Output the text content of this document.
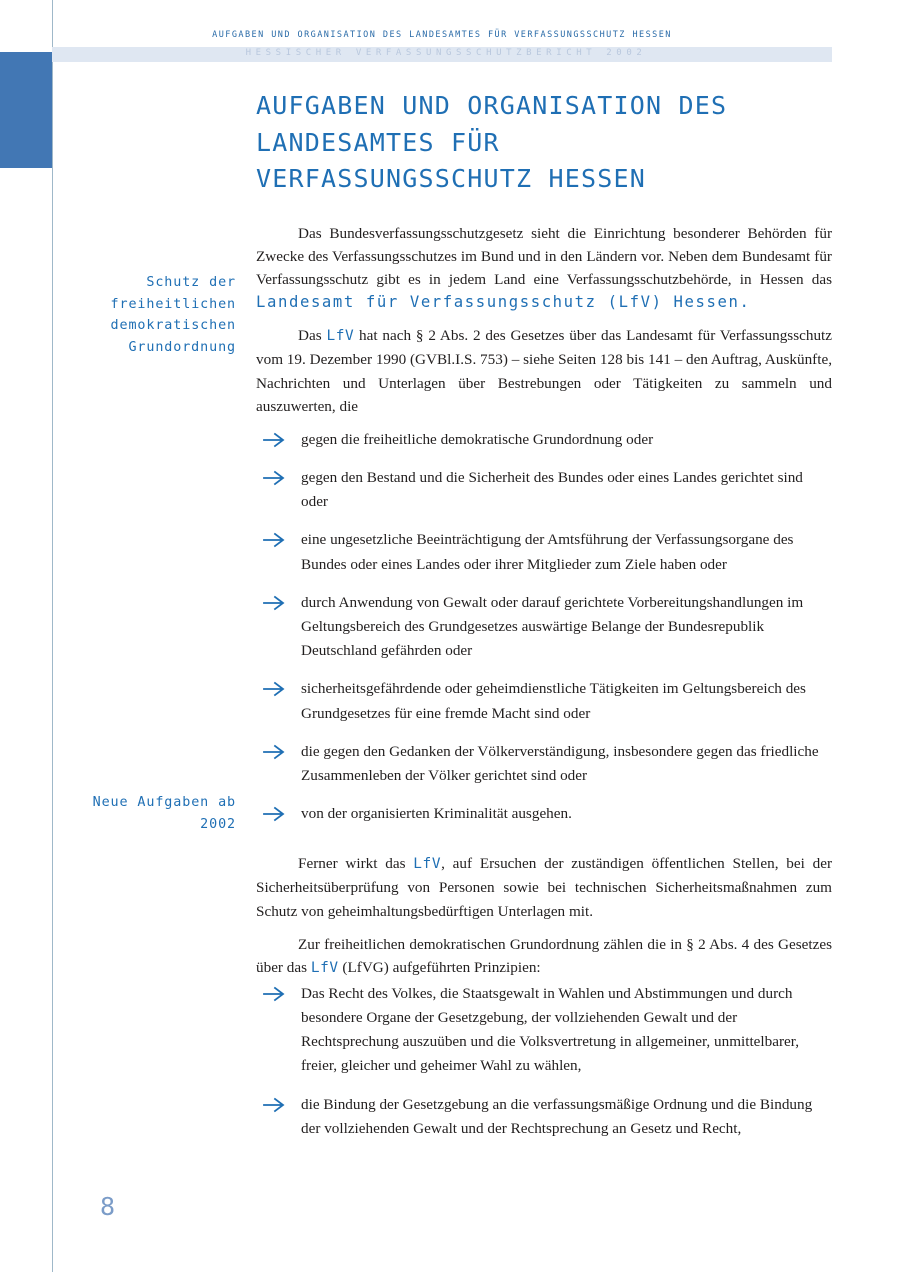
AUFGABEN UND ORGANISATION DES LANDESAMTES FÜR VERFASSUNGSSCHUTZ HESSEN
HESSISCHER VERFASSUNGSSCHUTZBERICHT 2002
AUFGABEN UND ORGANISATION DES
LANDESAMTES FÜR
VERFASSUNGSSCHUTZ HESSEN
Schutz der freiheitlichen demokratischen Grundordnung
Neue Aufgaben ab 2002

Das Bundesverfassungsschutzgesetz sieht die Einrichtung besonderer Behörden für Zwecke des Verfassungsschutzes im Bund und in den Ländern vor. Neben dem Bundesamt für Verfassungsschutz gibt es in jedem Land eine Verfassungsschutzbehörde, in Hessen das Landesamt für Verfassungsschutz (LfV) Hessen.

Das LfV hat nach § 2 Abs. 2 des Gesetzes über das Landesamt für Verfassungsschutz vom 19. Dezember 1990 (GVBl.I.S. 753) – siehe Seiten 128 bis 141 – den Auftrag, Auskünfte, Nachrichten und Unterlagen über Bestrebungen oder Tätigkeiten zu sammeln und auszuwerten, die

gegen die freiheitliche demokratische Grundordnung oder
gegen den Bestand und die Sicherheit des Bundes oder eines Landes gerichtet sind oder
eine ungesetzliche Beeinträchtigung der Amtsführung der Verfassungsorgane des Bundes oder eines Landes oder ihrer Mitglieder zum Ziele haben oder
durch Anwendung von Gewalt oder darauf gerichtete Vorbereitungshandlungen im Geltungsbereich des Grundgesetzes auswärtige Belange der Bundesrepublik Deutschland gefährden oder
sicherheitsgefährdende oder geheimdienstliche Tätigkeiten im Geltungsbereich des Grundgesetzes für eine fremde Macht sind oder
die gegen den Gedanken der Völkerverständigung, insbesondere gegen das friedliche Zusammenleben der Völker gerichtet sind oder
von der organisierten Kriminalität ausgehen.

Ferner wirkt das LfV, auf Ersuchen der zuständigen öffentlichen Stellen, bei der Sicherheitsüberprüfung von Personen sowie bei technischen Sicherheitsmaßnahmen zum Schutz von geheimhaltungsbedürftigen Unterlagen mit.

Zur freiheitlichen demokratischen Grundordnung zählen die in § 2 Abs. 4 des Gesetzes über das LfV (LfVG) aufgeführten Prinzipien:

Das Recht des Volkes, die Staatsgewalt in Wahlen und Abstimmungen und durch besondere Organe der Gesetzgebung, der vollziehenden Gewalt und der Rechtsprechung auszuüben und die Volksvertretung in allgemeiner, unmittelbarer, freier, gleicher und geheimer Wahl zu wählen,
die Bindung der Gesetzgebung an die verfassungsmäßige Ordnung und die Bindung der vollziehenden Gewalt und der Rechtsprechung an Gesetz und Recht,
8
